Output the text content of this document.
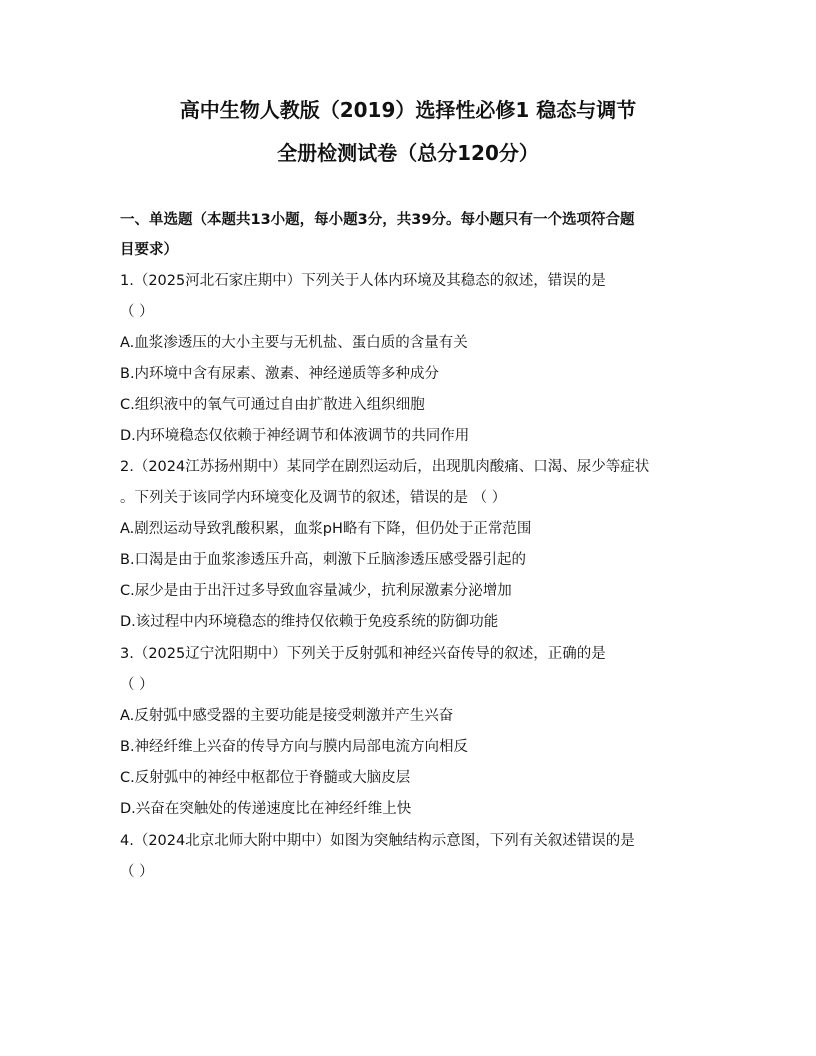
高中生物人教版（2019）选择性必修1 稳态与调节
全册检测试卷（总分120分）
一、单选题（本题共13小题，每小题3分，共39分。每小题只有一个选项符合题
目要求）
1.（2025河北石家庄期中）下列关于人体内环境及其稳态的叙述，错误的是
（ ）
A.血浆渗透压的大小主要与无机盐、蛋白质的含量有关
B.内环境中含有尿素、激素、神经递质等多种成分
C.组织液中的氧气可通过自由扩散进入组织细胞
D.内环境稳态仅依赖于神经调节和体液调节的共同作用
2.（2024江苏扬州期中）某同学在剧烈运动后，出现肌肉酸痛、口渴、尿少等症状
。下列关于该同学内环境变化及调节的叙述，错误的是 （ ）
A.剧烈运动导致乳酸积累，血浆pH略有下降，但仍处于正常范围
B.口渴是由于血浆渗透压升高，刺激下丘脑渗透压感受器引起的
C.尿少是由于出汗过多导致血容量减少，抗利尿激素分泌增加
D.该过程中内环境稳态的维持仅依赖于免疫系统的防御功能
3.（2025辽宁沈阳期中）下列关于反射弧和神经兴奋传导的叙述，正确的是
（ ）
A.反射弧中感受器的主要功能是接受刺激并产生兴奋
B.神经纤维上兴奋的传导方向与膜内局部电流方向相反
C.反射弧中的神经中枢都位于脊髓或大脑皮层
D.兴奋在突触处的传递速度比在神经纤维上快
4.（2024北京北师大附中期中）如图为突触结构示意图，下列有关叙述错误的是
（ ）
